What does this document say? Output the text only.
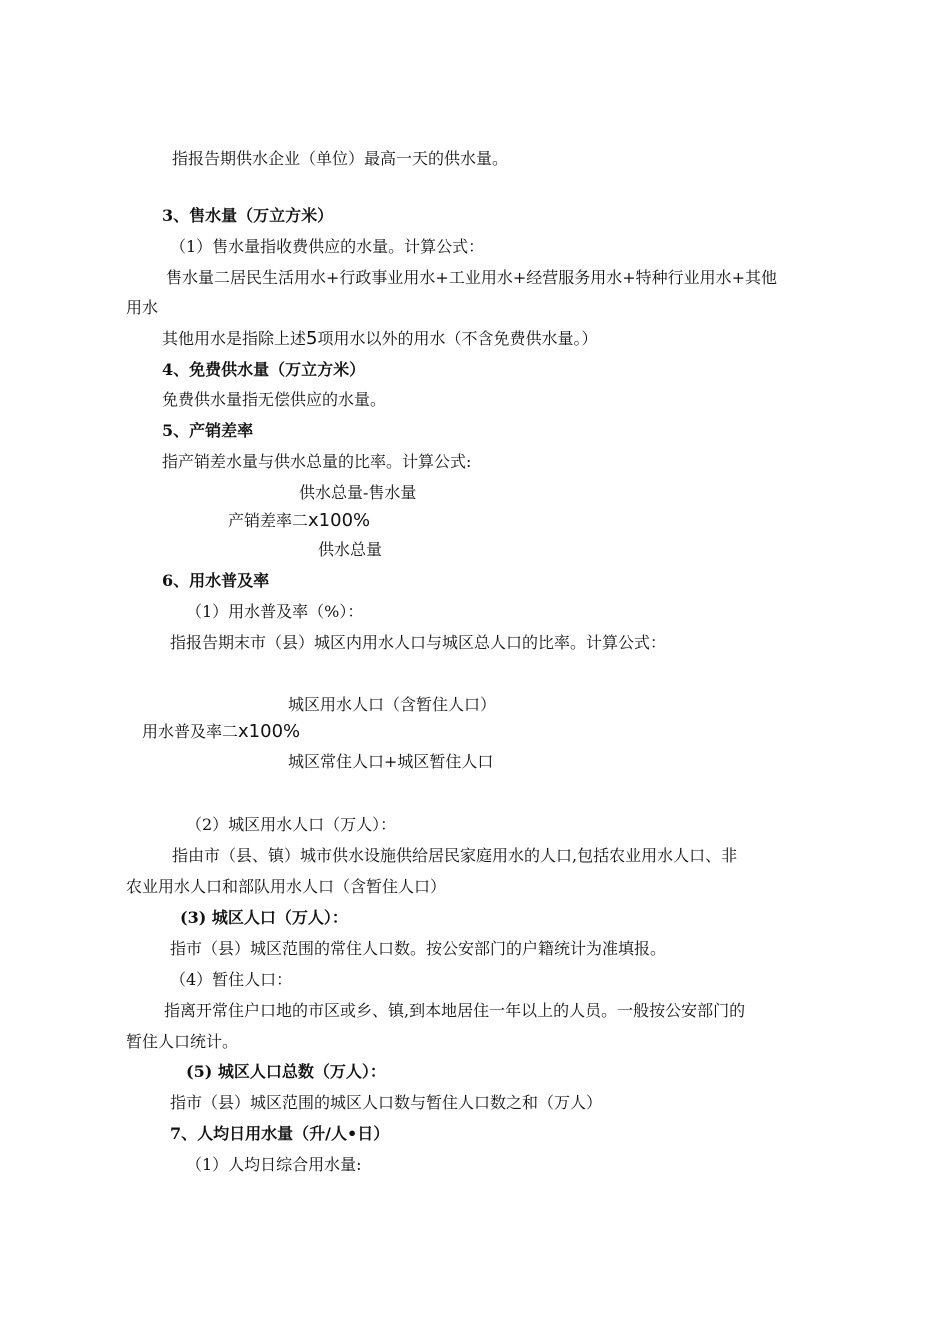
指报告期供水企业（单位）最高一天的供水量。
3、售水量（万立方米）
（1）售水量指收费供应的水量。计算公式：
售水量二居民生活用水+行政事业用水+工业用水+经营服务用水+特种行业用水+其他
用水
其他用水是指除上述5项用水以外的用水（不含免费供水量。）
4、免费供水量（万立方米）
免费供水量指无偿供应的水量。
5、产销差率
指产销差水量与供水总量的比率。计算公式:
供水总量-售水量
产销差率二x100%
供水总量
6、用水普及率
（1）用水普及率（%）：
指报告期末市（县）城区内用水人口与城区总人口的比率。计算公式：
城区用水人口（含暂住人口）
用水普及率二x100%
城区常住人口+城区暂住人口
（2）城区用水人口（万人）：
指由市（县、镇）城市供水设施供给居民家庭用水的人口,包括农业用水人口、非
农业用水人口和部队用水人口（含暂住人口）
(3) 城区人口（万人）：
指市（县）城区范围的常住人口数。按公安部门的户籍统计为准填报。
（4）暂住人口：
指离开常住户口地的市区或乡、镇,到本地居住一年以上的人员。一般按公安部门的
暂住人口统计。
(5) 城区人口总数（万人）：
指市（县）城区范围的城区人口数与暂住人口数之和（万人）
7、人均日用水量（升/人•日）
（1）人均日综合用水量:
